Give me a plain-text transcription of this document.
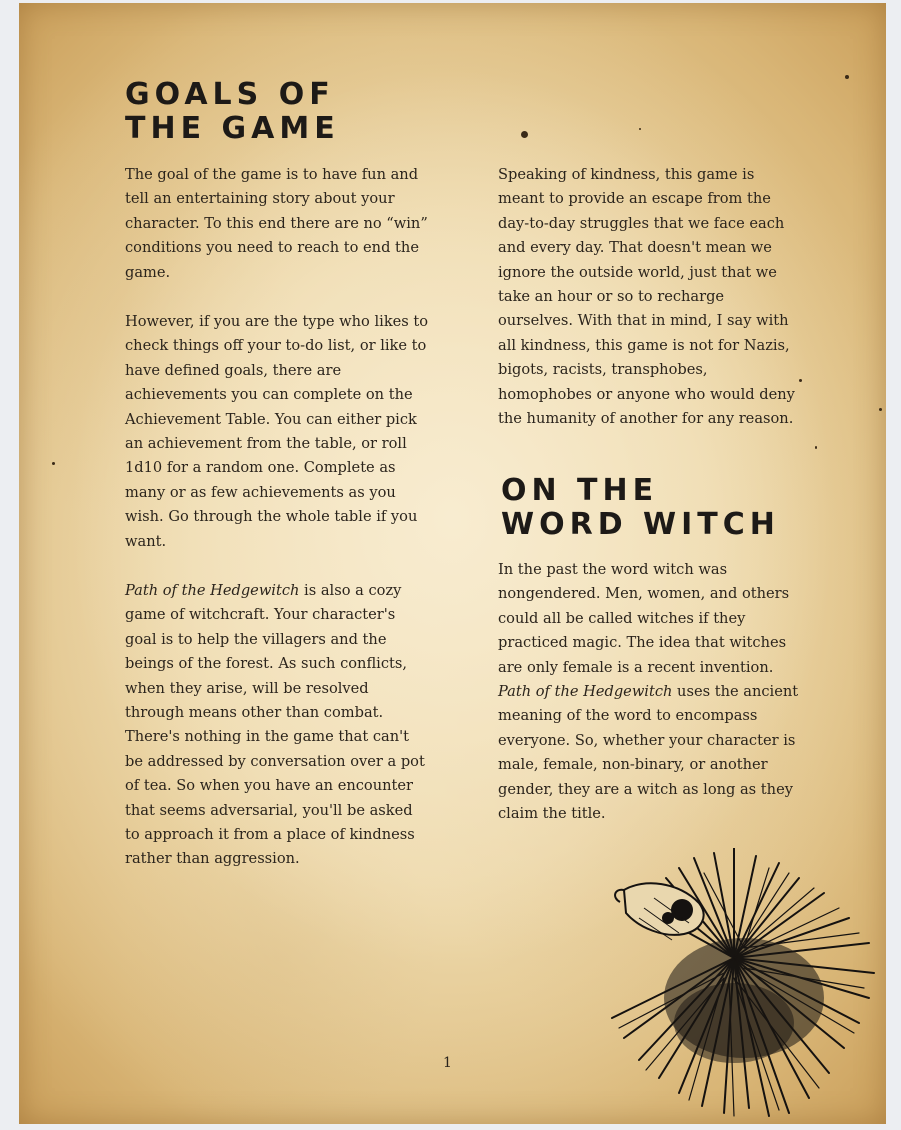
GOALS OF
THE GAME

The goal of the game is to have fun and tell an entertaining story about your character. To this end there are no “win” conditions you need to reach to end the game.

However, if you are the type who likes to check things off your to-do list, or like to have defined goals, there are achievements you can complete on the Achievement Table. You can either pick an achievement from the table, or roll 1d10 for a random one. Complete as many or as few achievements as you wish. Go through the whole table if you want.

Path of the Hedgewitch is also a cozy game of witchcraft. Your character's goal is to help the villagers and the beings of the forest. As such conflicts, when they arise, will be resolved through means other than combat. There's nothing in the game that can't be addressed by conversation over a pot of tea. So when you have an encounter that seems adversarial, you'll be asked to approach it from a place of kindness rather than aggression.

Speaking of kindness, this game is meant to provide an escape from the day-to-day struggles that we face each and every day. That doesn't mean we ignore the outside world, just that we take an hour or so to recharge ourselves. With that in mind, I say with all kindness, this game is not for Nazis, bigots, racists, transphobes, homophobes or anyone who would deny the humanity of another for any reason.

ON THE
WORD WITCH

In the past the word witch was nongendered. Men, women, and others could all be called witches if they practiced magic. The idea that witches are only female is a recent invention. Path of the Hedgewitch uses the ancient meaning of the word to encompass everyone. So, whether your character is male, female, non-binary, or another gender, they are a witch as long as they claim the title.

1
